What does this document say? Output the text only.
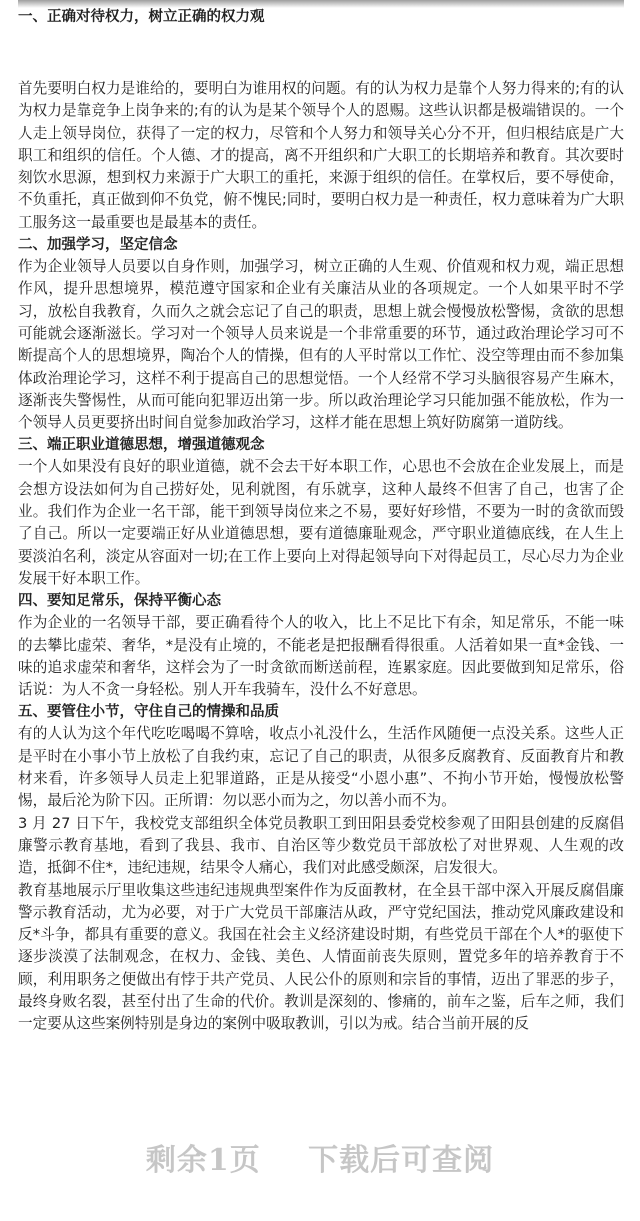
一、正确对待权力，树立正确的权力观

首先要明白权力是谁给的，要明白为谁用权的问题。有的认为权力是靠个人努力得来的;有的认为权力是靠竞争上岗争来的;有的认为是某个领导个人的恩赐。这些认识都是极端错误的。一个人走上领导岗位，获得了一定的权力，尽管和个人努力和领导关心分不开，但归根结底是广大职工和组织的信任。个人德、才的提高，离不开组织和广大职工的长期培养和教育。其次要时刻饮水思源，想到权力来源于广大职工的重托，来源于组织的信任。在掌权后，要不辱使命，不负重托，真正做到仰不负党，俯不愧民;同时，要明白权力是一种责任，权力意味着为广大职工服务这一最重要也是最基本的责任。

二、加强学习，坚定信念

作为企业领导人员要以自身作则，加强学习，树立正确的人生观、价值观和权力观，端正思想作风，提升思想境界，模范遵守国家和企业有关廉洁从业的各项规定。一个人如果平时不学习，放松自我教育，久而久之就会忘记了自己的职责，思想上就会慢慢放松警惕，贪欲的思想可能就会逐渐滋长。学习对一个领导人员来说是一个非常重要的环节，通过政治理论学习可不断提高个人的思想境界，陶冶个人的情操，但有的人平时常以工作忙、没空等理由而不参加集体政治理论学习，这样不利于提高自己的思想觉悟。一个人经常不学习头脑很容易产生麻木，逐渐丧失警惕性，从而可能向犯罪迈出第一步。所以政治理论学习只能加强不能放松，作为一个领导人员更要挤出时间自觉参加政治学习，这样才能在思想上筑好防腐第一道防线。

三、端正职业道德思想，增强道德观念

一个人如果没有良好的职业道德，就不会去干好本职工作，心思也不会放在企业发展上，而是会想方设法如何为自己捞好处，见利就图，有乐就享，这种人最终不但害了自己，也害了企业。我们作为企业一名干部，能干到领导岗位来之不易，要好好珍惜，不要为一时的贪欲而毁了自己。所以一定要端正好从业道德思想，要有道德廉耻观念，严守职业道德底线，在人生上要淡泊名利，淡定从容面对一切;在工作上要向上对得起领导向下对得起员工，尽心尽力为企业发展干好本职工作。

四、要知足常乐，保持平衡心态

作为企业的一名领导干部，要正确看待个人的收入，比上不足比下有余，知足常乐，不能一味的去攀比虚荣、奢华，*是没有止境的，不能老是把报酬看得很重。人活着如果一直*金钱、一味的追求虚荣和奢华，这样会为了一时贪欲而断送前程，连累家庭。因此要做到知足常乐，俗话说：为人不贪一身轻松。别人开车我骑车，没什么不好意思。

五、要管住小节，守住自己的情操和品质

有的人认为这个年代吃吃喝喝不算啥，收点小礼没什么，生活作风随便一点没关系。这些人正是平时在小事小节上放松了自我约束，忘记了自己的职责，从很多反腐教育、反面教育片和教材来看，许多领导人员走上犯罪道路，正是从接受“小恩小惠”、不拘小节开始，慢慢放松警惕，最后沦为阶下囚。正所谓：勿以恶小而为之，勿以善小而不为。

3 月 27 日下午，我校党支部组织全体党员教职工到田阳县委党校参观了田阳县创建的反腐倡廉警示教育基地，看到了我县、我市、自治区等少数党员干部放松了对世界观、人生观的改造，抵御不住*，违纪违规，结果令人痛心，我们对此感受颇深，启发很大。

教育基地展示厅里收集这些违纪违规典型案件作为反面教材，在全县干部中深入开展反腐倡廉警示教育活动，尤为必要，对于广大党员干部廉洁从政，严守党纪国法，推动党风廉政建设和反*斗争，都具有重要的意义。我国在社会主义经济建设时期，有些党员干部在个人*的驱使下逐步淡漠了法制观念，在权力、金钱、美色、人情面前丧失原则，置党多年的培养教育于不顾，利用职务之便做出有悖于共产党员、人民公仆的原则和宗旨的事情，迈出了罪恶的步子，最终身败名裂，甚至付出了生命的代价。教训是深刻的、惨痛的，前车之鉴，后车之师，我们一定要从这些案例特别是身边的案例中吸取教训，引以为戒。结合当前开展的反

剩余1页 下载后可查阅
